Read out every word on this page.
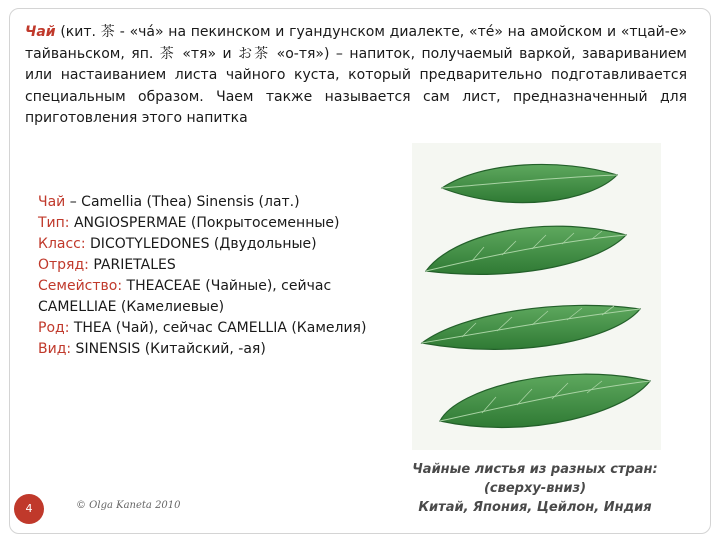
Чай (кит. 茶 - «ча́» на пекинском и гуандунском диалекте, «тé» на амойском и «тцай-е» тайваньском, яп. 茶 «тя» и お茶 «о-тя») – напиток, получаемый варкой, завариванием или настаиванием листа чайного куста, который предварительно подготавливается специальным образом. Чаем также называется сам лист, предназначенный для приготовления этого напитка

Чай – Camellia (Thea) Sinensis (лат.)
Тип: ANGIOSPERMAE (Покрытосеменные)
Класс: DICOTYLEDONES (Двудольные)
Отряд: PARIETALES
Семейство: THEACEAE (Чайные), сейчас CAMELLIAE (Камелиевые)
Род: THEA (Чай), сейчас CAMELLIA (Камелия)
Вид: SINENSIS (Китайский, -ая)
Чайные листья из разных стран:
(сверху-вниз)
Китай, Япония, Цейлон, Индия
4	© Olga Kaneta 2010
